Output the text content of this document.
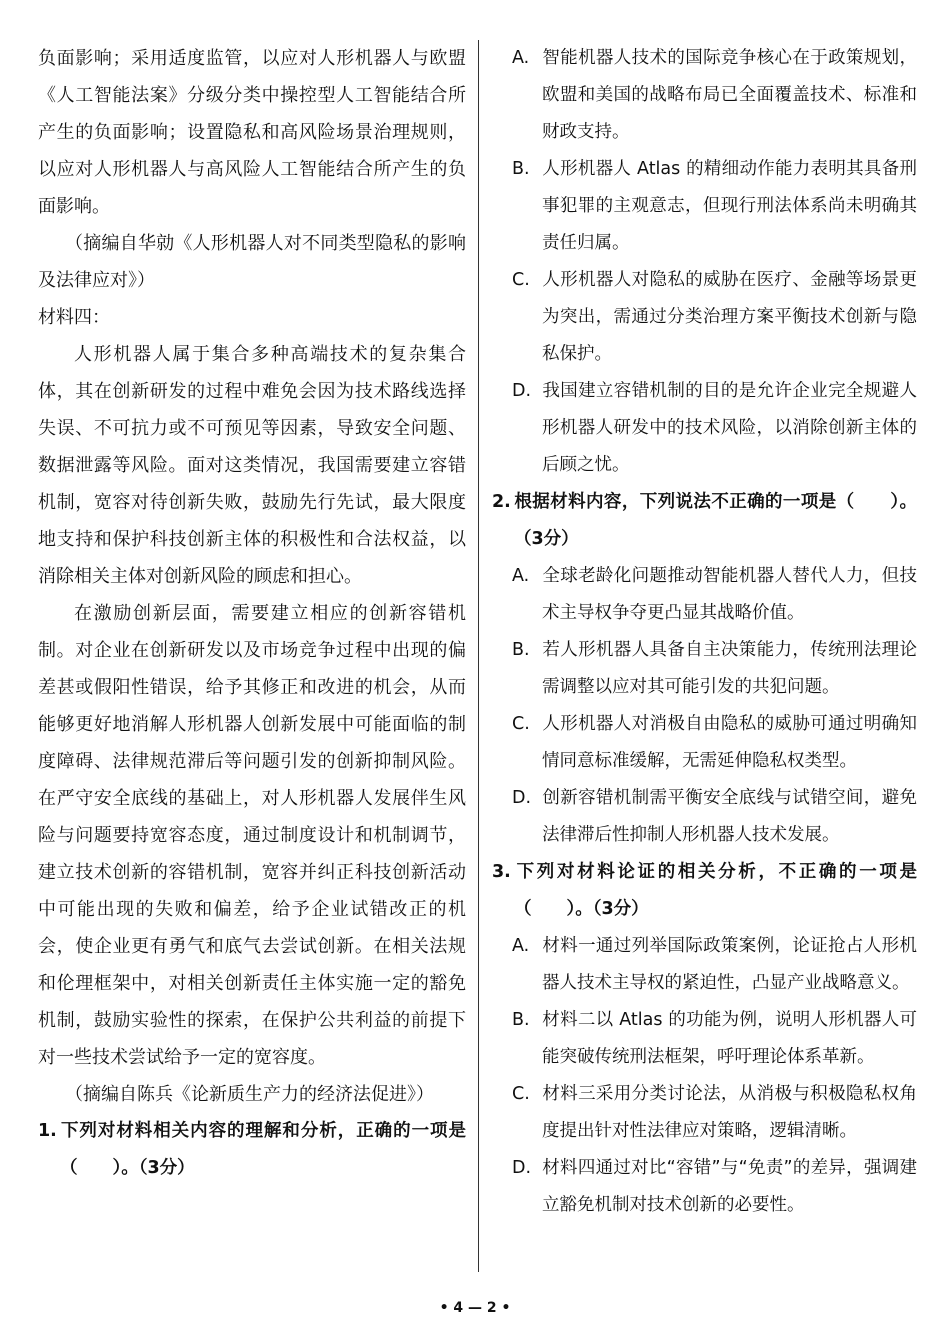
负面影响；采用适度监管，以应对人形机器人与欧盟《人工智能法案》分级分类中操控型人工智能结合所产生的负面影响；设置隐私和高风险场景治理规则，以应对人形机器人与高风险人工智能结合所产生的负面影响。

（摘编自华勍《人形机器人对不同类型隐私的影响及法律应对》）

材料四：

人形机器人属于集合多种高端技术的复杂集合体，其在创新研发的过程中难免会因为技术路线选择失误、不可抗力或不可预见等因素，导致安全问题、数据泄露等风险。面对这类情况，我国需要建立容错机制，宽容对待创新失败，鼓励先行先试，最大限度地支持和保护科技创新主体的积极性和合法权益，以消除相关主体对创新风险的顾虑和担心。

在激励创新层面，需要建立相应的创新容错机制。对企业在创新研发以及市场竞争过程中出现的偏差甚或假阳性错误，给予其修正和改进的机会，从而能够更好地消解人形机器人创新发展中可能面临的制度障碍、法律规范滞后等问题引发的创新抑制风险。在严守安全底线的基础上，对人形机器人发展伴生风险与问题要持宽容态度，通过制度设计和机制调节，建立技术创新的容错机制，宽容并纠正科技创新活动中可能出现的失败和偏差，给予企业试错改正的机会，使企业更有勇气和底气去尝试创新。在相关法规和伦理框架中，对相关创新责任主体实施一定的豁免机制，鼓励实验性的探索，在保护公共利益的前提下对一些技术尝试给予一定的宽容度。

（摘编自陈兵《论新质生产力的经济法促进》）

1. 下列对材料相关内容的理解和分析，正确的一项是（　　）。（3分）

A. 智能机器人技术的国际竞争核心在于政策规划，欧盟和美国的战略布局已全面覆盖技术、标准和财政支持。

B. 人形机器人 Atlas 的精细动作能力表明其具备刑事犯罪的主观意志，但现行刑法体系尚未明确其责任归属。

C. 人形机器人对隐私的威胁在医疗、金融等场景更为突出，需通过分类治理方案平衡技术创新与隐私保护。

D. 我国建立容错机制的目的是允许企业完全规避人形机器人研发中的技术风险，以消除创新主体的后顾之忧。

2. 根据材料内容，下列说法不正确的一项是（　　）。（3分）

A. 全球老龄化问题推动智能机器人替代人力，但技术主导权争夺更凸显其战略价值。

B. 若人形机器人具备自主决策能力，传统刑法理论需调整以应对其可能引发的共犯问题。

C. 人形机器人对消极自由隐私的威胁可通过明确知情同意标准缓解，无需延伸隐私权类型。

D. 创新容错机制需平衡安全底线与试错空间，避免法律滞后性抑制人形机器人技术发展。

3. 下列对材料论证的相关分析，不正确的一项是（　　）。（3分）

A. 材料一通过列举国际政策案例，论证抢占人形机器人技术主导权的紧迫性，凸显产业战略意义。

B. 材料二以 Atlas 的功能为例，说明人形机器人可能突破传统刑法框架，呼吁理论体系革新。

C. 材料三采用分类讨论法，从消极与积极隐私权角度提出针对性法律应对策略，逻辑清晰。

D. 材料四通过对比“容错”与“免责”的差异，强调建立豁免机制对技术创新的必要性。

• 4 — 2 •
